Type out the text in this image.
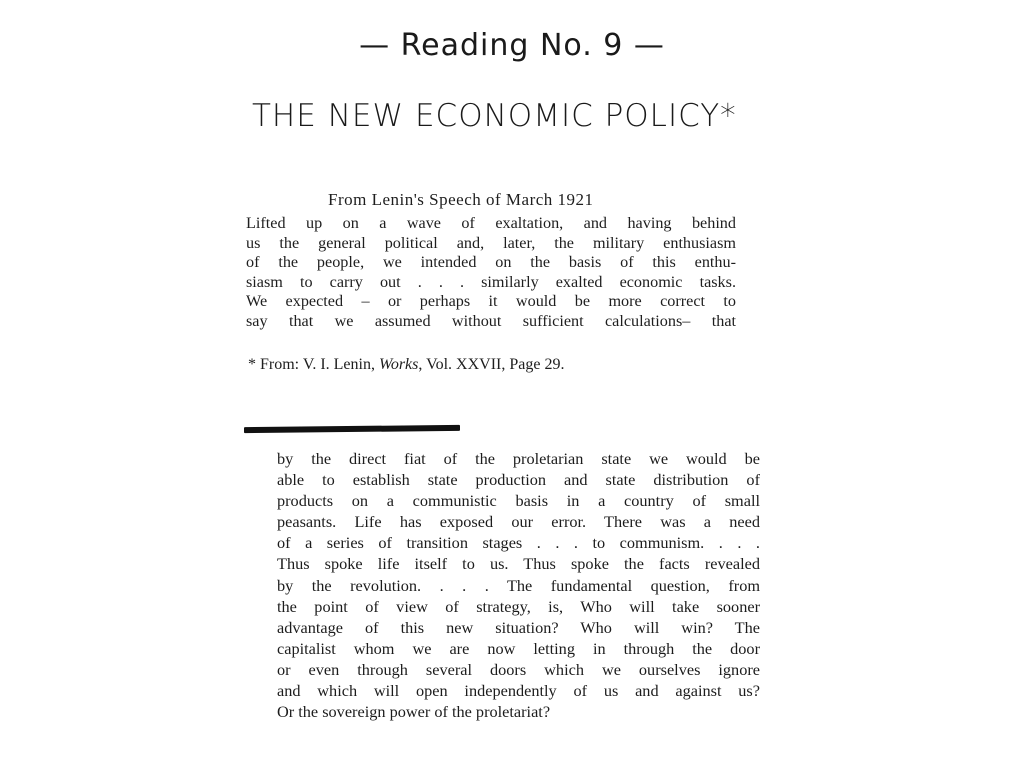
— Reading No. 9 —
THE NEW ECONOMIC POLICY*
From Lenin's Speech of March 1921
Lifted up on a wave of exaltation, and having behind
us the general political and, later, the military enthusiasm
of the people, we intended on the basis of this enthu-
siasm to carry out . . . similarly exalted economic tasks.
We expected – or perhaps it would be more correct to
say that we assumed without sufficient calculations– that
* From: V. I. Lenin, Works, Vol. XXVII, Page 29.
by the direct fiat of the proletarian state we would be
able to establish state production and state distribution of
products on a communistic basis in a country of small
peasants. Life has exposed our error. There was a need
of a series of transition stages . . . to communism. . . .
Thus spoke life itself to us. Thus spoke the facts revealed
by the revolution. . . . The fundamental question, from
the point of view of strategy, is, Who will take sooner
advantage of this new situation? Who will win? The
capitalist whom we are now letting in through the door
or even through several doors which we ourselves ignore
and which will open independently of us and against us?
Or the sovereign power of the proletariat?
